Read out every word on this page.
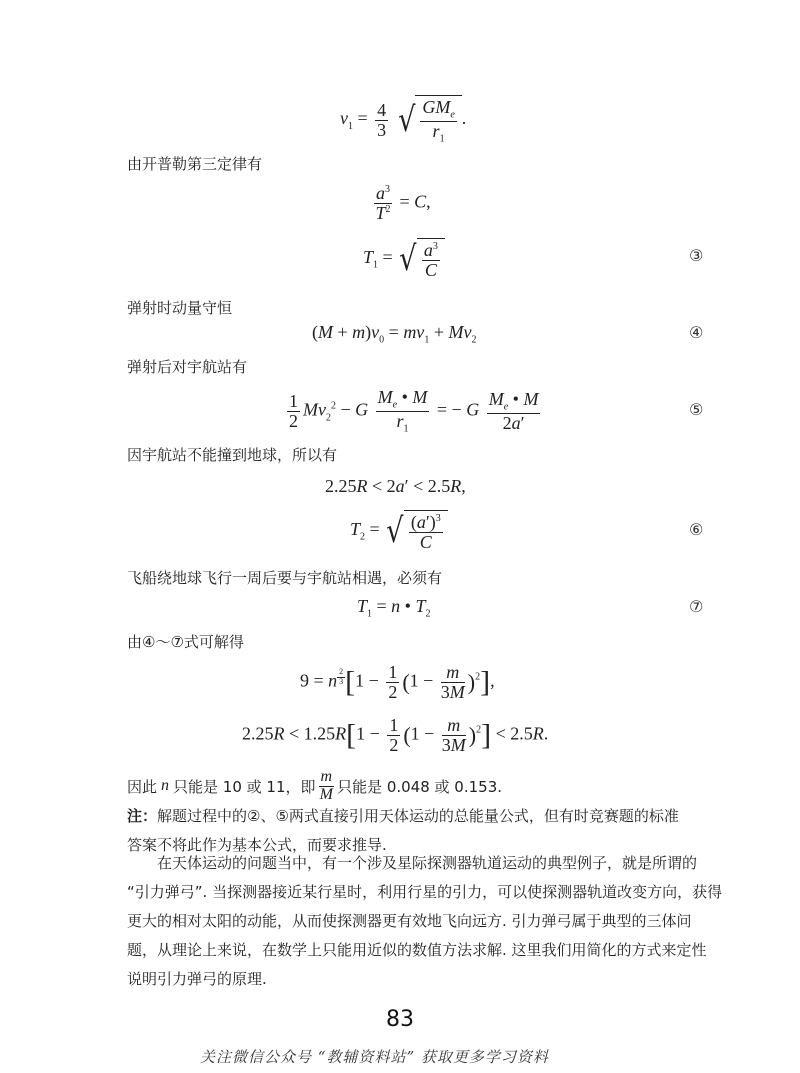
$v_1 = \frac{4}{3}$
√ $\frac{GM_e}{r_1}$ .
由开普勒第三定律有
$\frac{a^3}{T^2} = C$,
$T_1$ = √ $\frac{a^3}{C}$	③
弹射时动量守恒
$(M + m)v_0 = mv_1 + Mv_2$	④
弹射后对宇航站有
$\frac{1}{2} Mv_2^2 - G \frac{M_e • M}{r_1}$ = − G $\frac{M_e • M}{2a'}$	⑤
因宇航站不能撞到地球，所以有
2.25R < 2a′ < 2.5R,
$T_2$ = √ $\frac{(a')^3}{C}$	⑥
飞船绕地球飞行一周后要与宇航站相遇，必须有
$T_1 = n$ • $T_2$	⑦
由④～⑦式可解得
9 = n $^{\frac{2}{3}}$ $[1 - \frac{1}{2} (1 - \frac{m}{3M} )^2]$,
$2.25R < 1.25R[1 - \frac{1}{2} (1 - \frac{m}{3M} )^2] < 2.5R$.
因此 n 只能是 10 或 11，即 $\frac{m}{M}$ 只能是 0.048 或 0.153.
注：解题过程中的②、⑤两式直接引用天体运动的总能量公式，但有时竞赛题的标准
答案不将此作为基本公式，而要求推导.
在天体运动的问题当中，有一个涉及星际探测器轨道运动的典型例子，就是所谓的
“引力弹弓”. 当探测器接近某行星时，利用行星的引力，可以使探测器轨道改变方向，获得
更大的相对太阳的动能，从而使探测器更有效地飞向远方. 引力弹弓属于典型的三体问
题，从理论上来说，在数学上只能用近似的数值方法求解. 这里我们用简化的方式来定性
说明引力弹弓的原理.
83
关注微信公众号 “教辅资料站” 获取更多学习资料
